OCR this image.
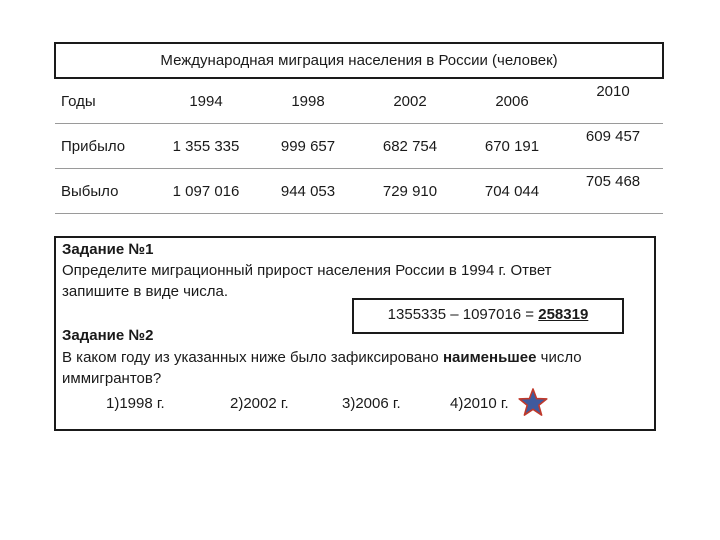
Международная миграция населения в России (человек)					
Годы	1994	1998	2002	2006	2010
Прибыло	1 355 335	999 657	682 754	670 191	609 457
Выбыло	1 097 016	944 053	729 910	704 044	705 468
Задание №1
Определите миграционный прирост населения России в 1994 г. Ответ
запишите в виде числа.
1355335 – 1097016 = 258319
Задание №2
В каком году из указанных ниже было зафиксировано наименьшее число
иммигрантов?
1)1998 г.	2)2002 г.	3)2006 г.	4)2010 г.
